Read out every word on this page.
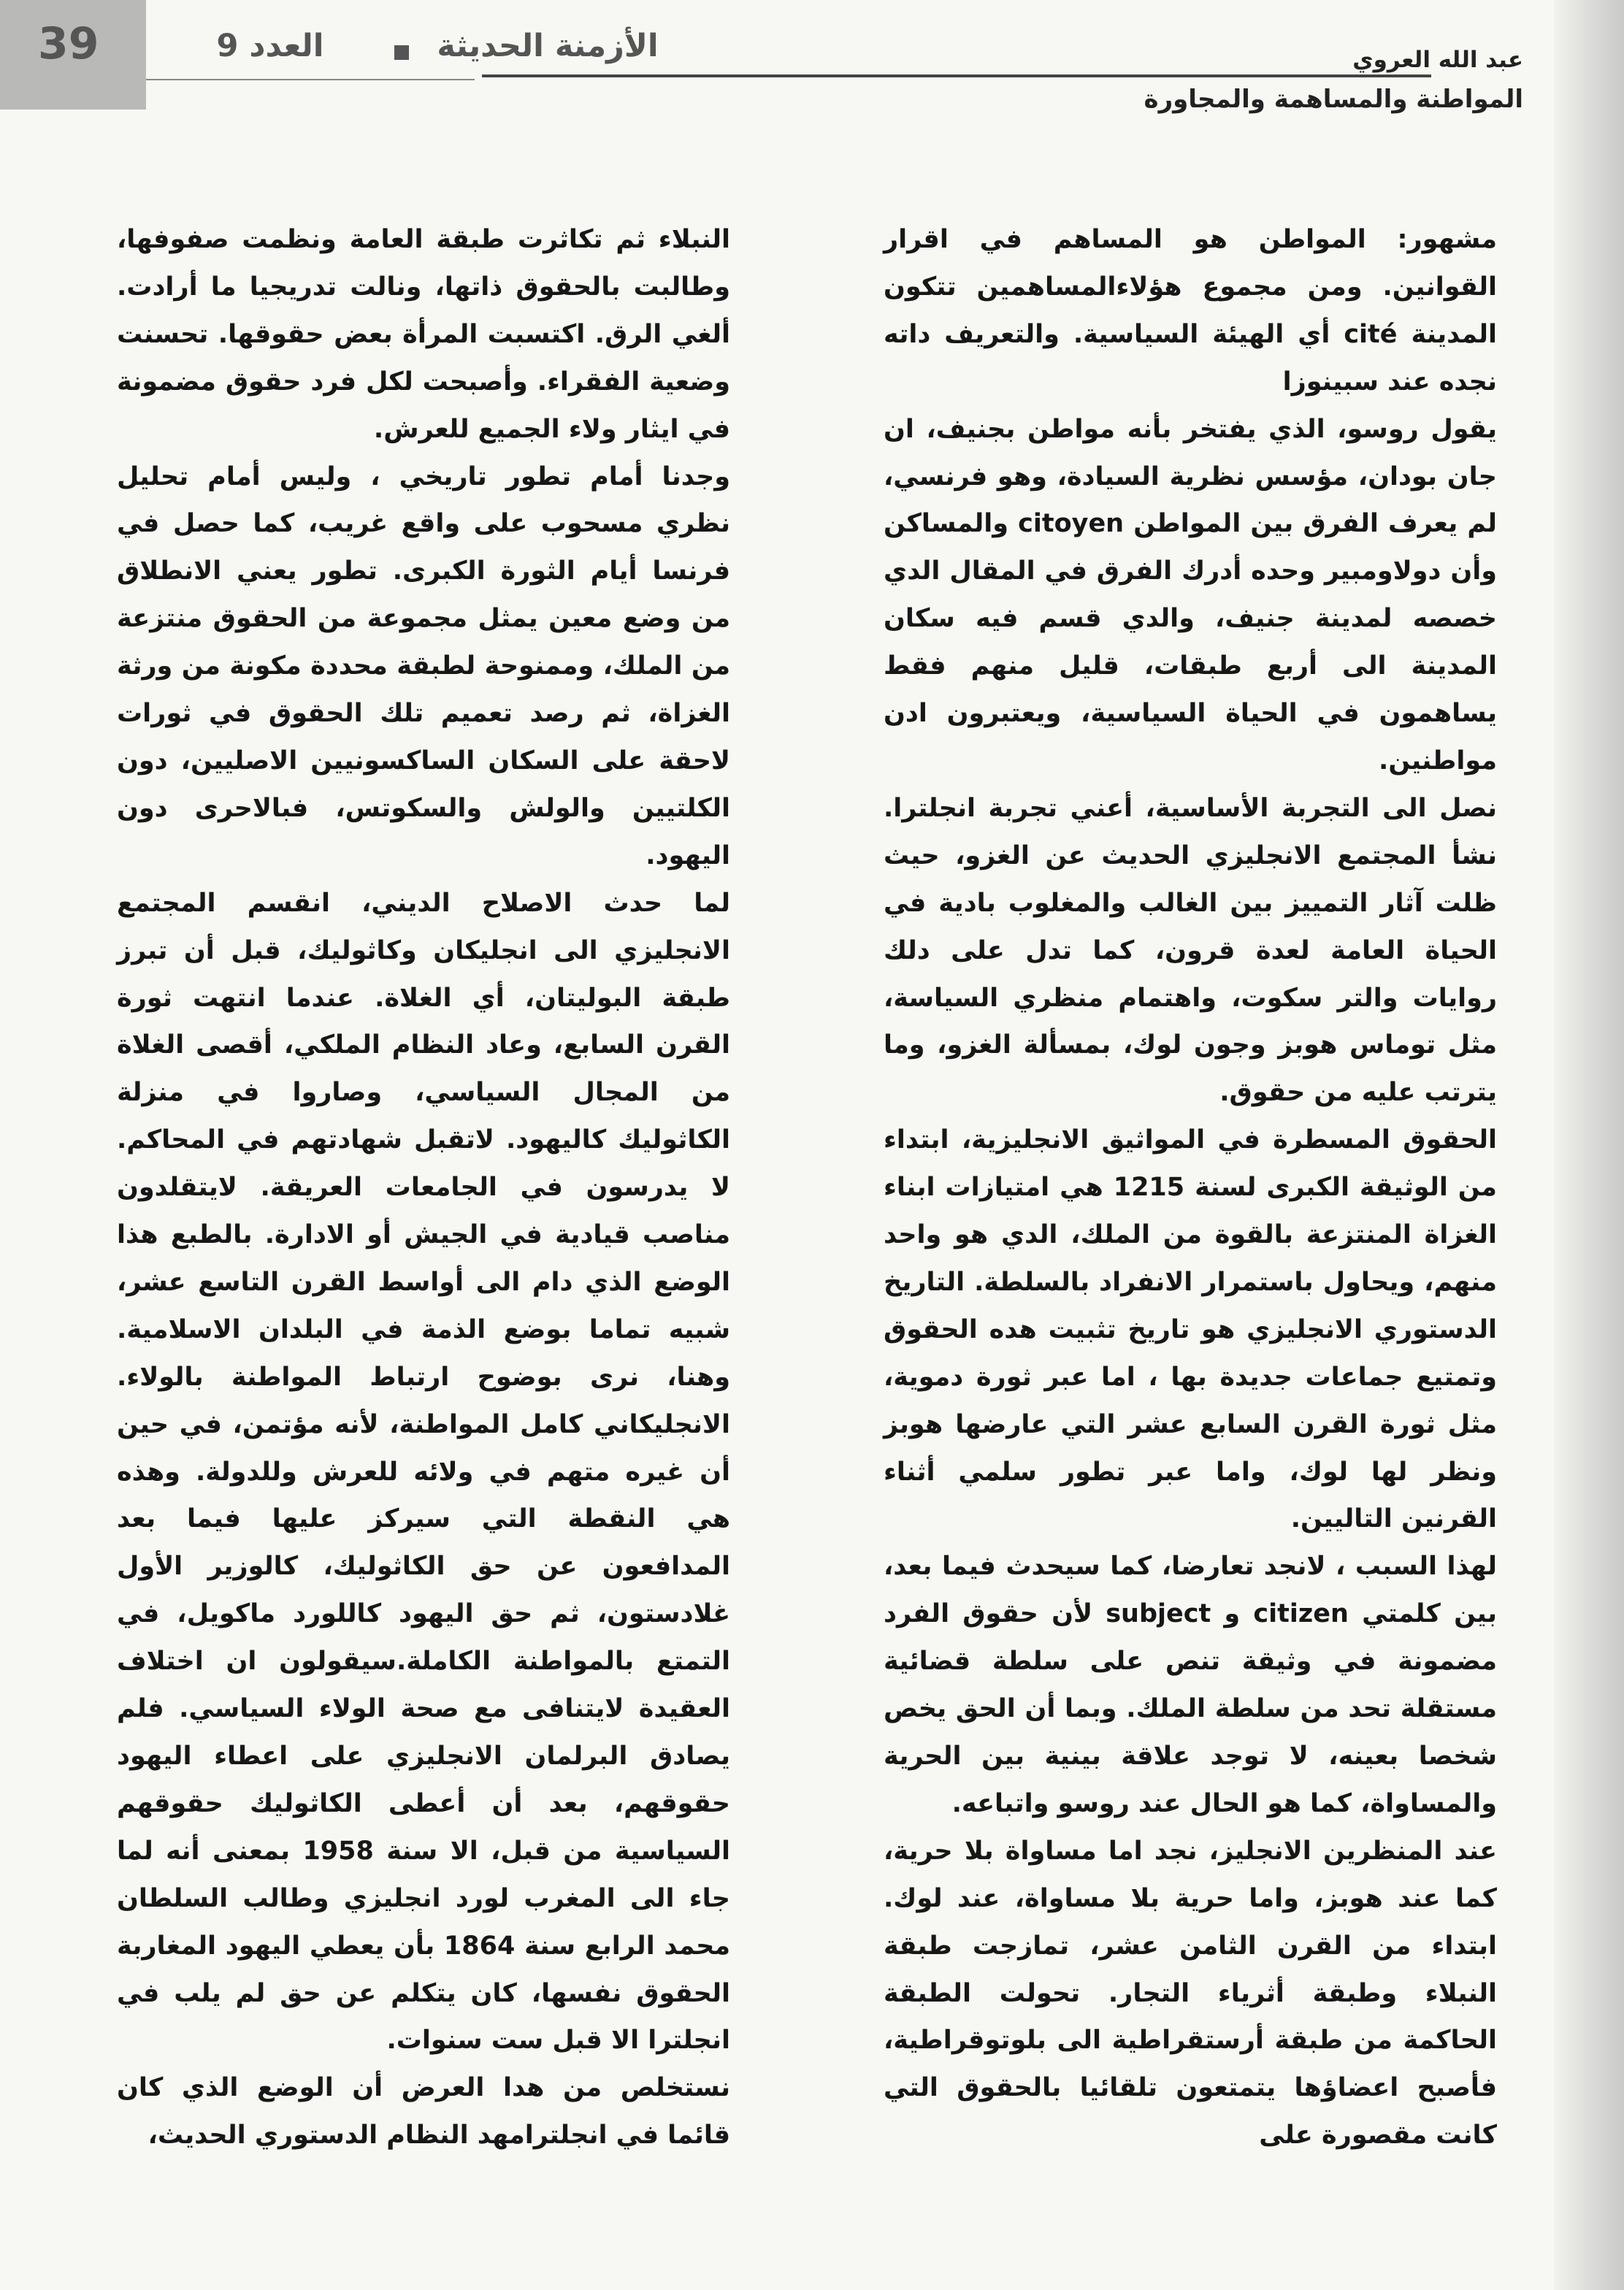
39	العدد 9	الأزمنة الحديثة	عبد الله العروي
المواطنة والمساهمة والمجاورة

مشهور: المواطن هو المساهم في اقرار القوانين. ومن مجموع هؤلاءالمساهمين تتكون المدينة cité أي الهيئة السياسية. والتعريف داته نجده عند سبينوزا

يقول روسو، الذي يفتخر بأنه مواطن بجنيف، ان جان بودان، مؤسس نظرية السيادة، وهو فرنسي، لم يعرف الفرق بين المواطن citoyen والمساكن وأن دولاومبير وحده أدرك الفرق في المقال الدي خصصه لمدينة جنيف، والدي قسم فيه سكان المدينة الى أربع طبقات، قليل منهم فقط يساهمون في الحياة السياسية، ويعتبرون ادن مواطنين.

نصل الى التجربة الأساسية، أعني تجربة انجلترا. نشأ المجتمع الانجليزي الحديث عن الغزو، حيث ظلت آثار التمييز بين الغالب والمغلوب بادية في الحياة العامة لعدة قرون، كما تدل على دلك روايات والتر سكوت، واهتمام منظري السياسة، مثل توماس هوبز وجون لوك، بمسألة الغزو، وما يترتب عليه من حقوق.

الحقوق المسطرة في المواثيق الانجليزية، ابتداء من الوثيقة الكبرى لسنة 1215 هي امتيازات ابناء الغزاة المنتزعة بالقوة من الملك، الدي هو واحد منهم، ويحاول باستمرار الانفراد بالسلطة. التاريخ الدستوري الانجليزي هو تاريخ تثبيت هده الحقوق وتمتيع جماعات جديدة بها ، اما عبر ثورة دموية، مثل ثورة القرن السابع عشر التي عارضها هوبز ونظر لها لوك، واما عبر تطور سلمي أثناء القرنين التاليين.

لهذا السبب ، لانجد تعارضا، كما سيحدث فيما بعد، بين كلمتي citizen و subject لأن حقوق الفرد مضمونة في وثيقة تنص على سلطة قضائية مستقلة تحد من سلطة الملك. وبما أن الحق يخص شخصا بعينه، لا توجد علاقة بينية بين الحرية والمساواة، كما هو الحال عند روسو واتباعه.

عند المنظرين الانجليز، نجد اما مساواة بلا حرية، كما عند هوبز، واما حرية بلا مساواة، عند لوك. ابتداء من القرن الثامن عشر، تمازجت طبقة النبلاء وطبقة أثرياء التجار. تحولت الطبقة الحاكمة من طبقة أرستقراطية الى بلوتوقراطية، فأصبح اعضاؤها يتمتعون تلقائيا بالحقوق التي كانت مقصورة على

النبلاء ثم تكاثرت طبقة العامة ونظمت صفوفها، وطالبت بالحقوق ذاتها، ونالت تدريجيا ما أرادت. ألغي الرق. اكتسبت المرأة بعض حقوقها. تحسنت وضعية الفقراء. وأصبحت لكل فرد حقوق مضمونة في ايثار ولاء الجميع للعرش.

وجدنا أمام تطور تاريخي ، وليس أمام تحليل نظري مسحوب على واقع غريب، كما حصل في فرنسا أيام الثورة الكبرى. تطور يعني الانطلاق من وضع معين يمثل مجموعة من الحقوق منتزعة من الملك، وممنوحة لطبقة محددة مكونة من ورثة الغزاة، ثم رصد تعميم تلك الحقوق في ثورات لاحقة على السكان الساكسونيين الاصليين، دون الكلتيين والولش والسكوتس، فبالاحرى دون اليهود.

لما حدث الاصلاح الديني، انقسم المجتمع الانجليزي الى انجليكان وكاثوليك، قبل أن تبرز طبقة البوليتان، أي الغلاة. عندما انتهت ثورة القرن السابع، وعاد النظام الملكي، أقصى الغلاة من المجال السياسي، وصاروا في منزلة الكاثوليك كاليهود. لاتقبل شهادتهم في المحاكم. لا يدرسون في الجامعات العريقة. لايتقلدون مناصب قيادية في الجيش أو الادارة. بالطبع هذا الوضع الذي دام الى أواسط القرن التاسع عشر، شبيه تماما بوضع الذمة في البلدان الاسلامية. وهنا، نرى بوضوح ارتباط المواطنة بالولاء. الانجليكاني كامل المواطنة، لأنه مؤتمن، في حين أن غيره متهم في ولائه للعرش وللدولة. وهذه هي النقطة التي سيركز عليها فيما بعد المدافعون عن حق الكاثوليك، كالوزير الأول غلادستون، ثم حق اليهود كاللورد ماكويل، في التمتع بالمواطنة الكاملة.سيقولون ان اختلاف العقيدة لايتنافى مع صحة الولاء السياسي. فلم يصادق البرلمان الانجليزي على اعطاء اليهود حقوقهم، بعد أن أعطى الكاثوليك حقوقهم السياسية من قبل، الا سنة 1958 بمعنى أنه لما جاء الى المغرب لورد انجليزي وطالب السلطان محمد الرابع سنة 1864 بأن يعطي اليهود المغاربة الحقوق نفسها، كان يتكلم عن حق لم يلب في انجلترا الا قبل ست سنوات.

نستخلص من هدا العرض أن الوضع الذي كان قائما في انجلترامهد النظام الدستوري الحديث،
